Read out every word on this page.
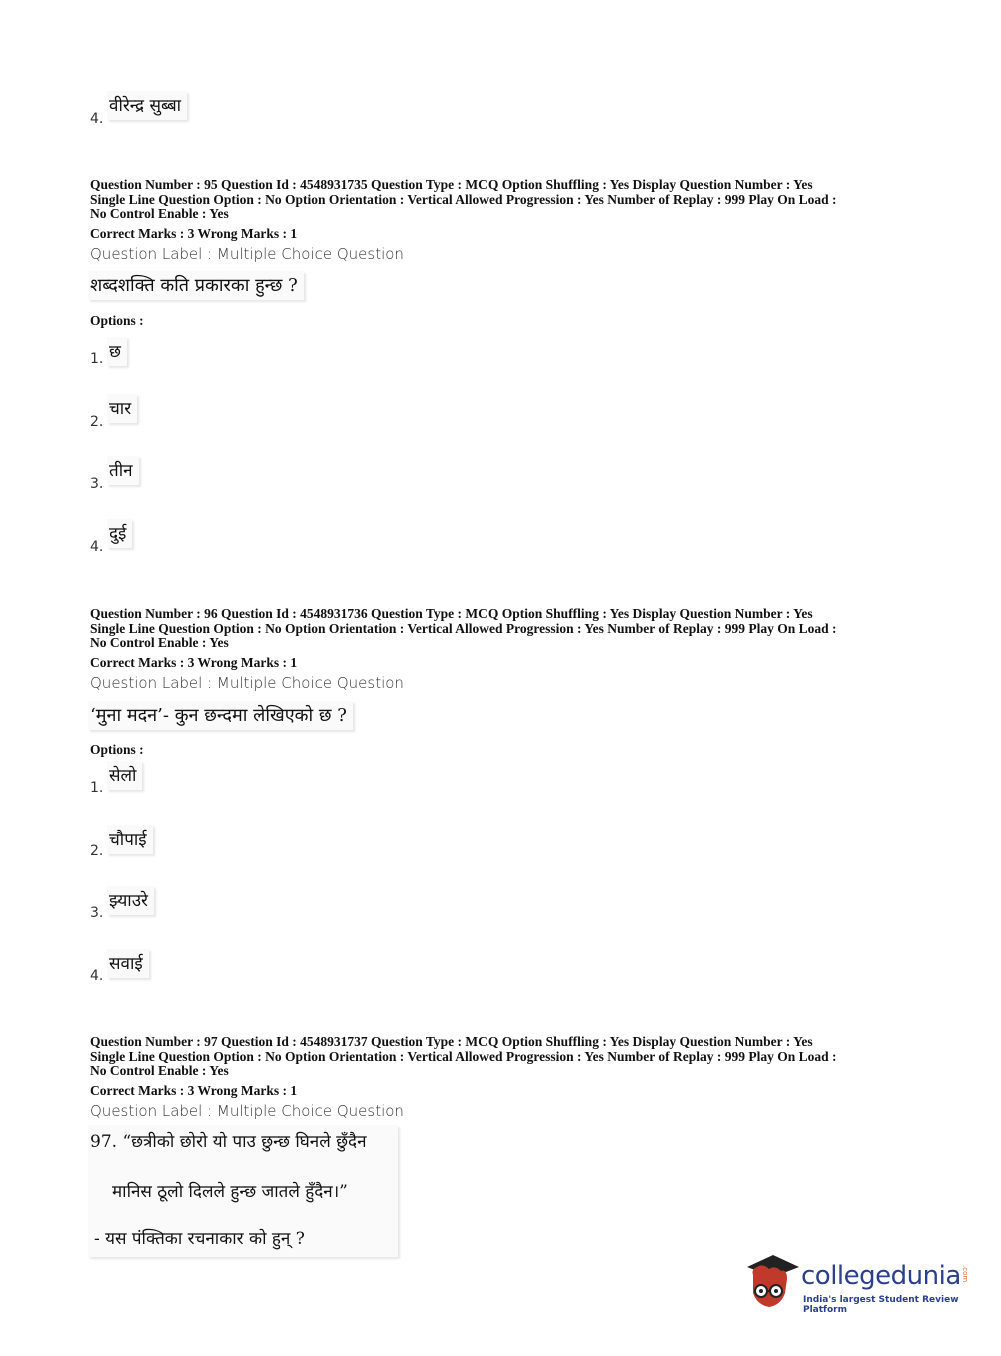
4.
वीरेन्द्र सुब्बा
Question Number : 95 Question Id : 4548931735 Question Type : MCQ Option Shuffling : Yes Display Question Number : Yes
Single Line Question Option : No Option Orientation : Vertical Allowed Progression : Yes Number of Replay : 999 Play On Load :
No Control Enable : Yes
Correct Marks : 3 Wrong Marks : 1
Question Label : Multiple Choice Question
शब्दशक्ति कति प्रकारका हुन्छ ?
Options :
1. छ
2.
चार
3.
तीन
4.
दुई
Question Number : 96 Question Id : 4548931736 Question Type : MCQ Option Shuffling : Yes Display Question Number : Yes
Single Line Question Option : No Option Orientation : Vertical Allowed Progression : Yes Number of Replay : 999 Play On Load :
No Control Enable : Yes
Correct Marks : 3 Wrong Marks : 1
Question Label : Multiple Choice Question
‘मुना मदन’- कुन छन्दमा लेखिएको छ ?
Options :
1.
सेलो
2.
चौपाई
3.
झ्याउरे
4.
सवाई
Question Number : 97 Question Id : 4548931737 Question Type : MCQ Option Shuffling : Yes Display Question Number : Yes
Single Line Question Option : No Option Orientation : Vertical Allowed Progression : Yes Number of Replay : 999 Play On Load :
No Control Enable : Yes
Correct Marks : 3 Wrong Marks : 1
Question Label : Multiple Choice Question
97. “छत्रीको छोरो यो पाउ छुन्छ घिनले छुँदैन
मानिस ठूलो दिलले हुन्छ जातले हुँदैन।”
- यस पंक्तिका रचनाकार को हुन् ?
collegedunia .com
India's largest Student Review Platform
